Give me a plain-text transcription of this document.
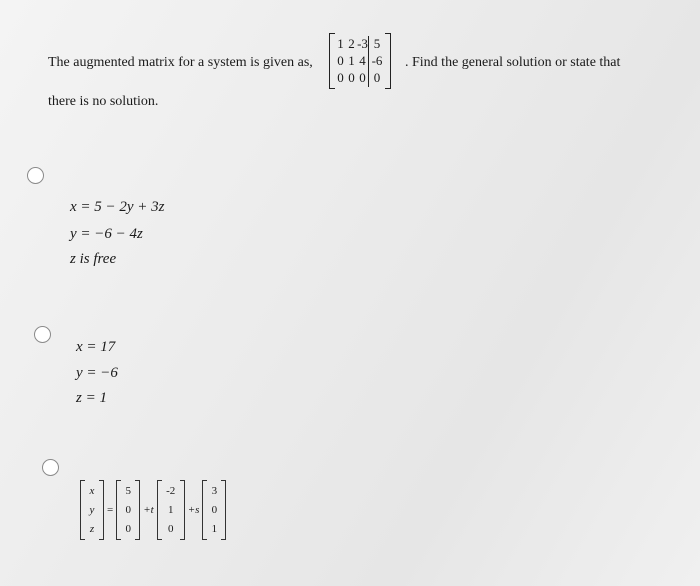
The augmented matrix for a system is given as,
1 2 -3 5
0 1 4 -6
0 0 0 0
. Find the general solution or state that
there is no solution.
x = 5 − 2y + 3z
y = −6 − 4z
z is free
x = 17
y = −6
z = 1
x
y
z
=
5
0
0
+t
-2
1
0
+s
3
0
1
